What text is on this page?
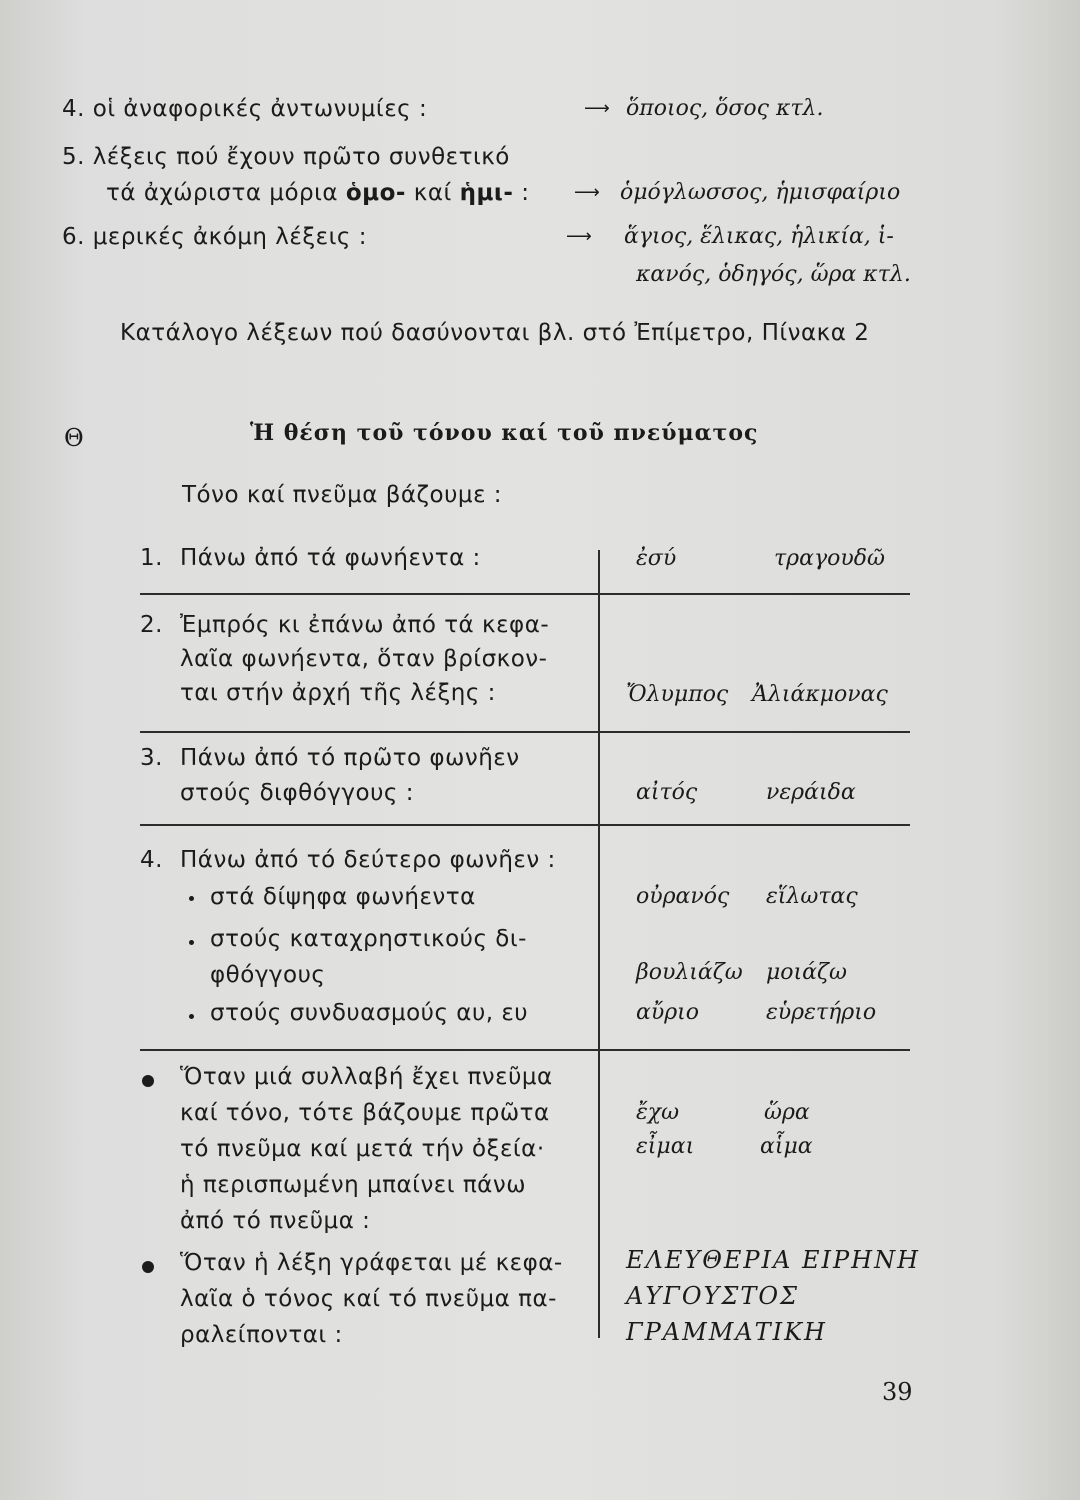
4. οἱ ἀναφορικές ἀντωνυμίες :	⟶ ὅποιος, ὅσος κτλ.
5. λέξεις πού ἔχουν πρῶτο συνθετικό
τά ἀχώριστα μόρια ὁμο- καί ἡμι- : ⟶ ὁμόγλωσσος, ἡμισφαίριο
6. μερικές ἀκόμη λέξεις :	⟶ ἅγιος, ἕλικας, ἡλικία, ἱ-
κανός, ὁδηγός, ὥρα κτλ.
Κατάλογο λέξεων πού δασύνονται βλ. στό Ἐπίμετρο, Πίνακα 2
Θ	Ἡ θέση τοῦ τόνου καί τοῦ πνεύματος
Τόνο καί πνεῦμα βάζουμε :
1. Πάνω ἀπό τά φωνήεντα :	ἐσύ	τραγουδῶ
2. Ἐμπρός κι ἐπάνω ἀπό τά κεφα-
λαῖα φωνήεντα, ὅταν βρίσκον-
ται στήν ἀρχή τῆς λέξης :	Ὄλυμπος Ἀλιάκμονας
3. Πάνω ἀπό τό πρῶτο φωνῆεν
στούς διφθόγγους :	αἰτός	νεράιδα
4. Πάνω ἀπό τό δεύτερο φωνῆεν :
στά δίψηφα φωνήεντα	οὐρανός εἵλωτας
στούς καταχρηστικούς δι-
φθόγγους	βουλιάζω μοιάζω
στούς συνδυασμούς αυ, ευ	αὔριο	εὑρετήριο
Ὅταν μιά συλλαβή ἔχει πνεῦμα
καί τόνο, τότε βάζουμε πρῶτα
τό πνεῦμα καί μετά τήν ὀξεία·
ἡ περισπωμένη μπαίνει πάνω
ἀπό τό πνεῦμα :
ἔχω	ὥρα
εἶμαι	αἷμα
Ὅταν ἡ λέξη γράφεται μέ κεφα-
λαῖα ὁ τόνος καί τό πνεῦμα πα-
ραλείπονται :
ΕΛΕΥΘΕΡΙΑ ΕΙΡΗΝΗ
ΑΥΓΟΥΣΤΟΣ
ΓΡΑΜΜΑΤΙΚΗ
39
